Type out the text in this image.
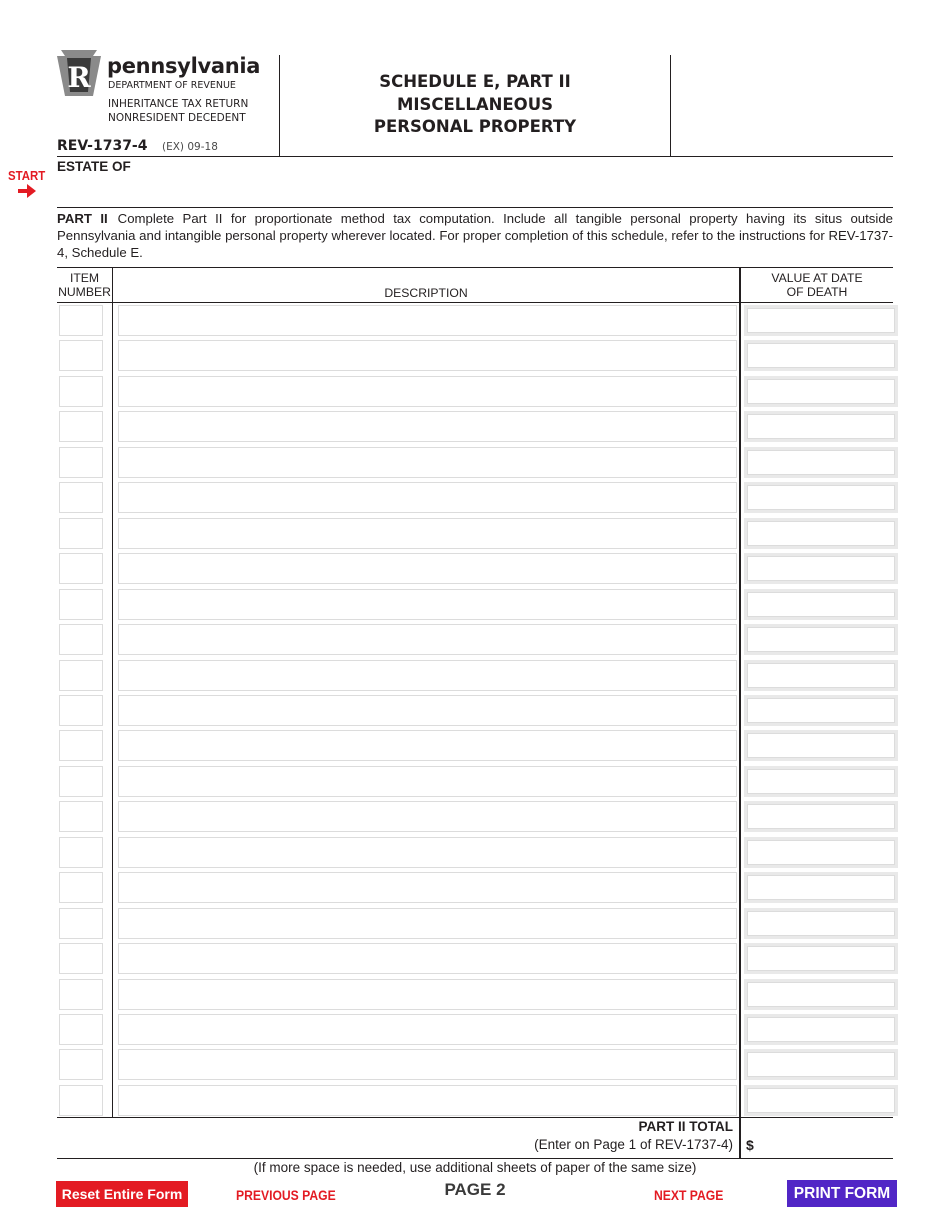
R pennsylvania
DEPARTMENT OF REVENUE
INHERITANCE TAX RETURN
NONRESIDENT DECEDENT
REV-1737-4 (EX) 09-18
SCHEDULE E, PART II
MISCELLANEOUS
PERSONAL PROPERTY
ESTATE OF
START
PART II Complete Part II for proportionate method tax computation. Include all tangible personal property having its situs outside Pennsylvania and intangible personal property wherever located. For proper completion of this schedule, refer to the instructions for REV-1737-4, Schedule E.
ITEM
NUMBER	DESCRIPTION
VALUE AT DATE
OF DEATH
PART II TOTAL
(Enter on Page 1 of REV-1737-4) $
(If more space is needed, use additional sheets of paper of the same size)
Reset Entire Form	PREVIOUS PAGE	PAGE 2	NEXT PAGE	PRINT FORM
